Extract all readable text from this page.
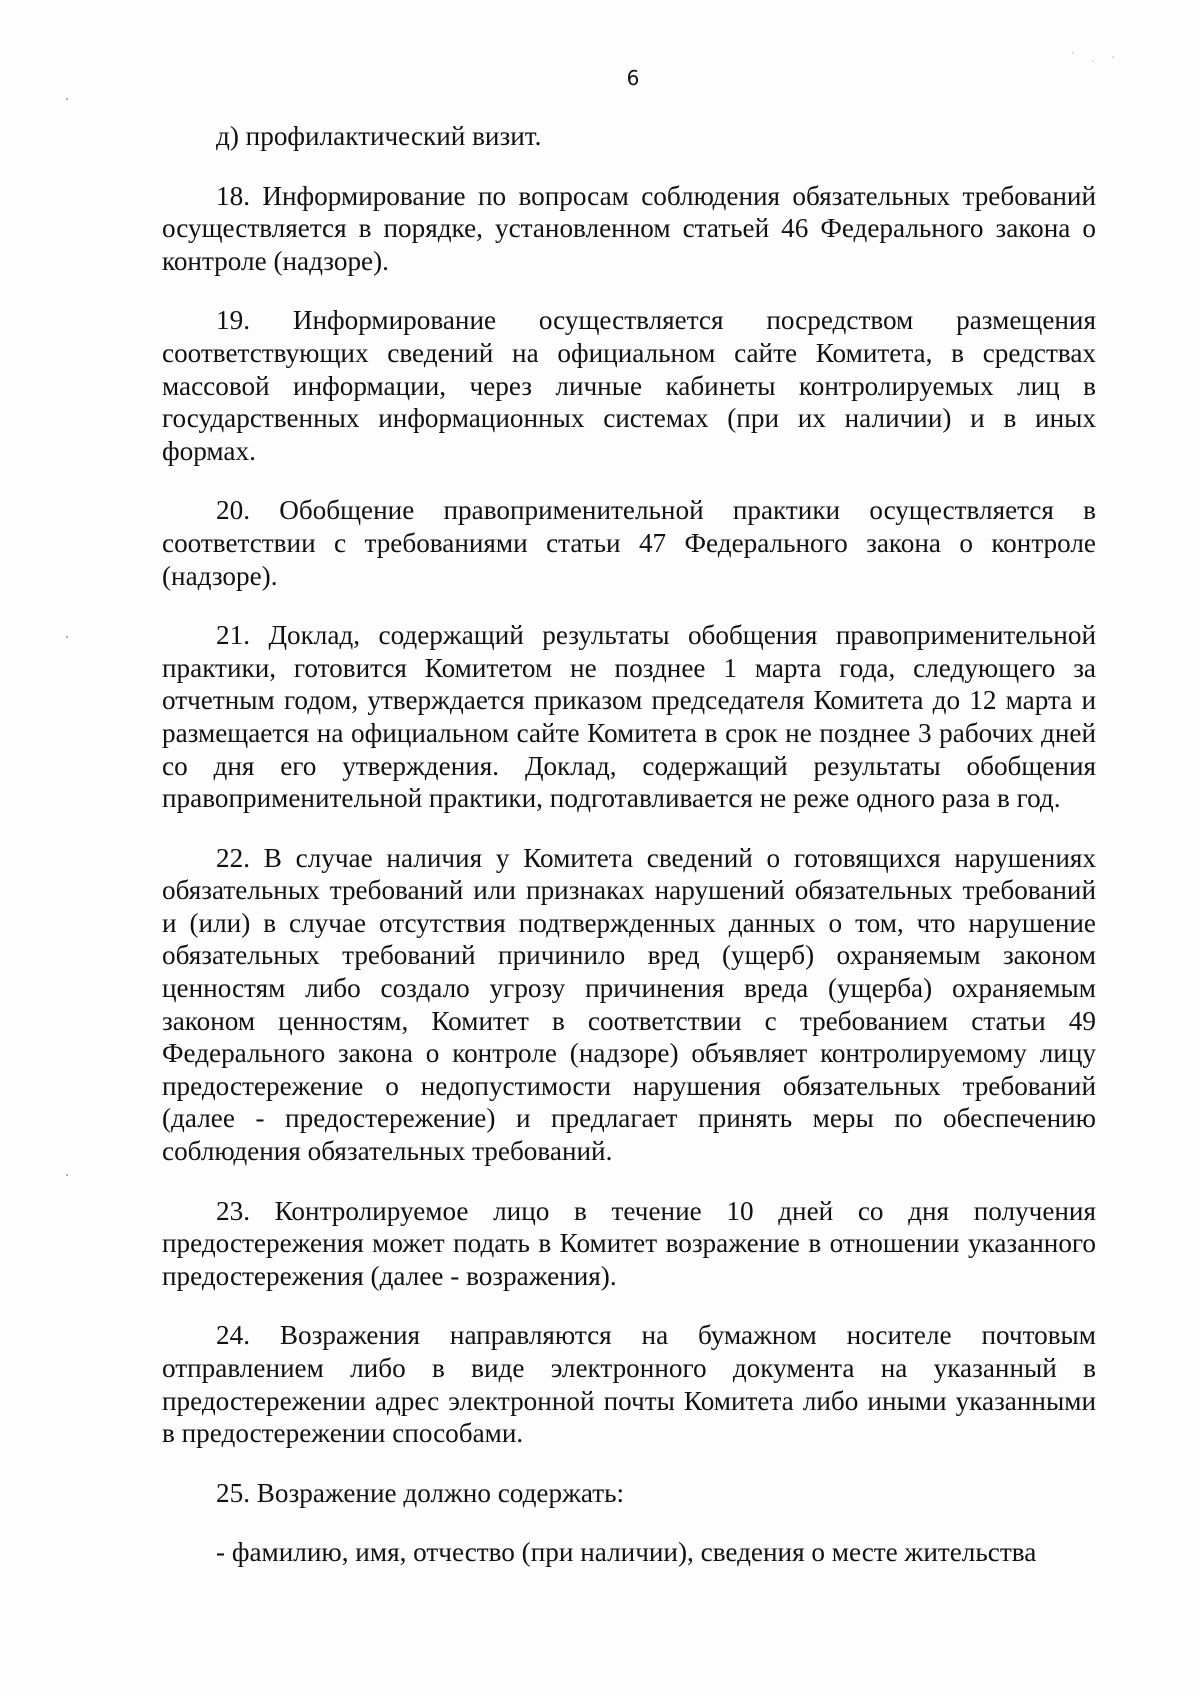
6

д) профилактический визит.

18. Информирование по вопросам соблюдения обязательных требований осуществляется в порядке, установленном статьей 46 Федерального закона о контроле (надзоре).

19. Информирование осуществляется посредством размещения соответствующих сведений на официальном сайте Комитета, в средствах массовой информации, через личные кабинеты контролируемых лиц в государственных информационных системах (при их наличии) и в иных формах.

20. Обобщение правоприменительной практики осуществляется в соответствии с требованиями статьи 47 Федерального закона о контроле (надзоре).

21. Доклад, содержащий результаты обобщения правоприменительной практики, готовится Комитетом не позднее 1 марта года, следующего за отчетным годом, утверждается приказом председателя Комитета до 12 марта и размещается на официальном сайте Комитета в срок не позднее 3 рабочих дней со дня его утверждения. Доклад, содержащий результаты обобщения правоприменительной практики, подготавливается не реже одного раза в год.

22. В случае наличия у Комитета сведений о готовящихся нарушениях обязательных требований или признаках нарушений обязательных требований и (или) в случае отсутствия подтвержденных данных о том, что нарушение обязательных требований причинило вред (ущерб) охраняемым законом ценностям либо создало угрозу причинения вреда (ущерба) охраняемым законом ценностям, Комитет в соответствии с требованием статьи 49 Федерального закона о контроле (надзоре) объявляет контролируемому лицу предостережение о недопустимости нарушения обязательных требований (далее - предостережение) и предлагает принять меры по обеспечению соблюдения обязательных требований.

23. Контролируемое лицо в течение 10 дней со дня получения предостережения может подать в Комитет возражение в отношении указанного предостережения (далее - возражения).

24. Возражения направляются на бумажном носителе почтовым отправлением либо в виде электронного документа на указанный в предостережении адрес электронной почты Комитета либо иными указанными в предостережении способами.

25. Возражение должно содержать:

- фамилию, имя, отчество (при наличии), сведения о месте жительства
